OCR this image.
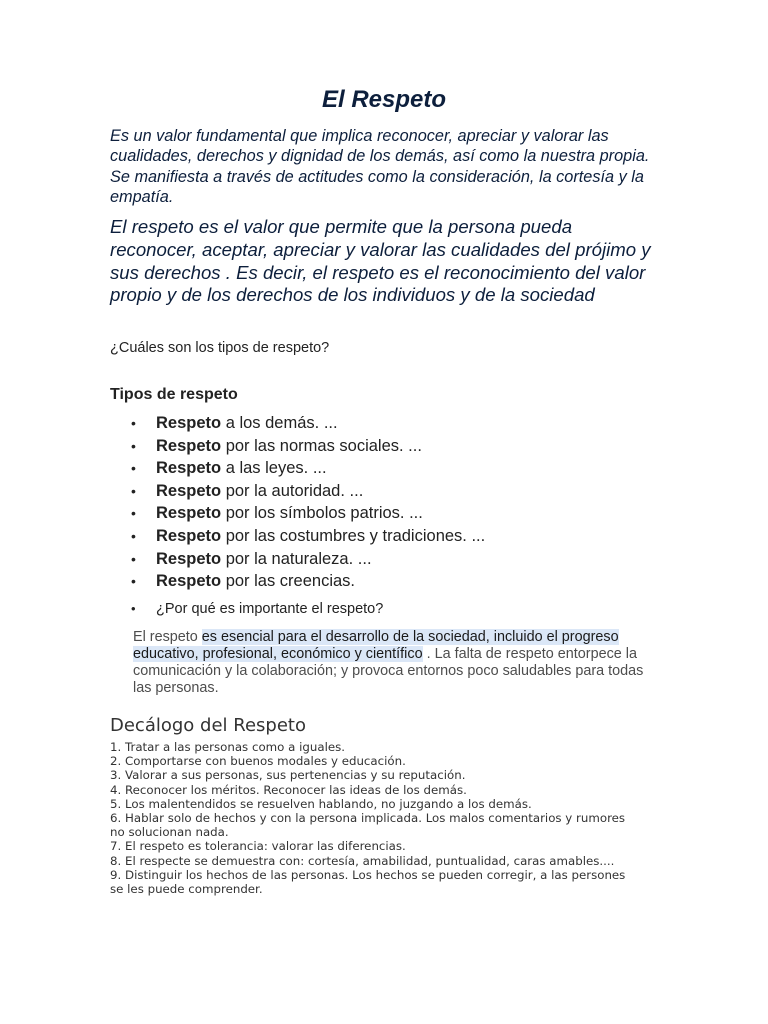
El Respeto

Es un valor fundamental que implica reconocer, apreciar y valorar las cualidades, derechos y dignidad de los demás, así como la nuestra propia. Se manifiesta a través de actitudes como la consideración, la cortesía y la empatía.

El respeto es el valor que permite que la persona pueda reconocer, aceptar, apreciar y valorar las cualidades del prójimo y sus derechos . Es decir, el respeto es el reconocimiento del valor propio y de los derechos de los individuos y de la sociedad

¿Cuáles son los tipos de respeto?

Tipos de respeto
• Respeto a los demás. ...
• Respeto por las normas sociales. ...
• Respeto a las leyes. ...
• Respeto por la autoridad. ...
• Respeto por los símbolos patrios. ...
• Respeto por las costumbres y tradiciones. ...
• Respeto por la naturaleza. ...
• Respeto por las creencias.

• ¿Por qué es importante el respeto?

El respeto es esencial para el desarrollo de la sociedad, incluido el progreso educativo, profesional, económico y científico . La falta de respeto entorpece la comunicación y la colaboración; y provoca entornos poco saludables para todas las personas.

Decálogo del Respeto
1. Tratar a las personas como a iguales.
2. Comportarse con buenos modales y educación.
3. Valorar a sus personas, sus pertenencias y su reputación.
4. Reconocer los méritos. Reconocer las ideas de los demás.
5. Los malentendidos se resuelven hablando, no juzgando a los demás.
6. Hablar solo de hechos y con la persona implicada. Los malos comentarios y rumores no solucionan nada.
7. El respeto es tolerancia: valorar las diferencias.
8. El respecte se demuestra con: cortesía, amabilidad, puntualidad, caras amables....
9. Distinguir los hechos de las personas. Los hechos se pueden corregir, a las persones se les puede comprender.
